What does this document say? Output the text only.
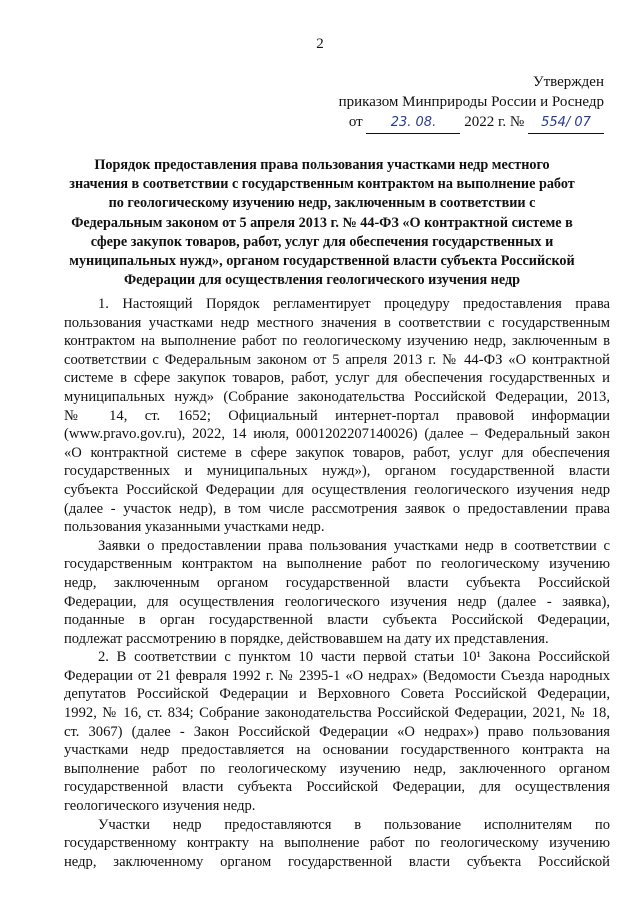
2
Утвержден
приказом Минприроды России и Роснедр
от 23. 08. 2022 г. № 554/ 07
Порядок предоставления права пользования участками недр местного
значения в соответствии с государственным контрактом на выполнение работ
по геологическому изучению недр, заключенным в соответствии с
Федеральным законом от 5 апреля 2013 г. № 44-ФЗ «О контрактной системе в
сфере закупок товаров, работ, услуг для обеспечения государственных и
муниципальных нужд», органом государственной власти субъекта Российской
Федерации для осуществления геологического изучения недр
1. Настоящий Порядок регламентирует процедуру предоставления права
пользования участками недр местного значения в соответствии с государственным
контрактом на выполнение работ по геологическому изучению недр, заключенным в
соответствии с Федеральным законом от 5 апреля 2013 г. № 44-ФЗ «О контрактной
системе в сфере закупок товаров, работ, услуг для обеспечения государственных и
муниципальных нужд» (Собрание законодательства Российской Федерации, 2013,
№ 14, ст. 1652; Официальный интернет-портал правовой информации
(www.pravo.gov.ru), 2022, 14 июля, 0001202207140026) (далее – Федеральный закон
«О контрактной системе в сфере закупок товаров, работ, услуг для обеспечения
государственных и муниципальных нужд»), органом государственной власти
субъекта Российской Федерации для осуществления геологического изучения недр
(далее - участок недр), в том числе рассмотрения заявок о предоставлении права
пользования указанными участками недр.
Заявки о предоставлении права пользования участками недр в соответствии с
государственным контрактом на выполнение работ по геологическому изучению
недр, заключенным органом государственной власти субъекта Российской
Федерации, для осуществления геологического изучения недр (далее - заявка),
поданные в орган государственной власти субъекта Российской Федерации,
подлежат рассмотрению в порядке, действовавшем на дату их представления.
2. В соответствии с пунктом 10 части первой статьи 10¹ Закона Российской
Федерации от 21 февраля 1992 г. № 2395-1 «О недрах» (Ведомости Съезда народных
депутатов Российской Федерации и Верховного Совета Российской Федерации,
1992, № 16, ст. 834; Собрание законодательства Российской Федерации, 2021, № 18,
ст. 3067) (далее - Закон Российской Федерации «О недрах») право пользования
участками недр предоставляется на основании государственного контракта на
выполнение работ по геологическому изучению недр, заключенного органом
государственной власти субъекта Российской Федерации, для осуществления
геологического изучения недр.
Участки недр предоставляются в пользование исполнителям по
государственному контракту на выполнение работ по геологическому изучению
недр, заключенному органом государственной власти субъекта Российской
